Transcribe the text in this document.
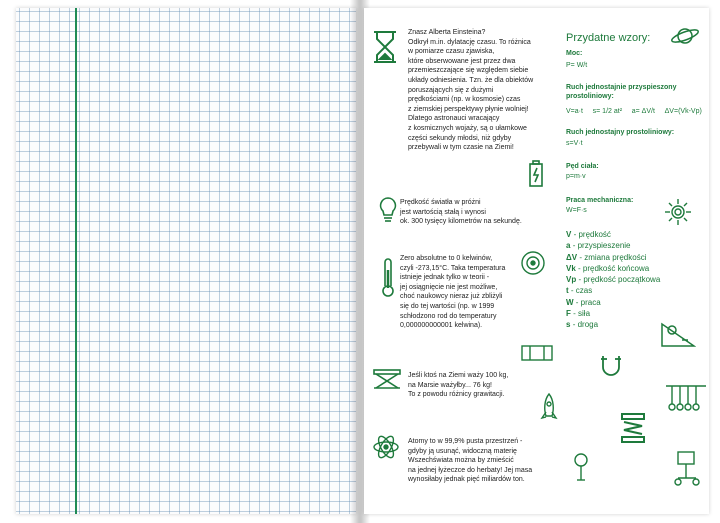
Znasz Alberta Einsteina?
Odkrył m.in. dylatację czasu. To różnica
w pomiarze czasu zjawiska,
które obserwowane jest przez dwa
przemieszczające się względem siebie
układy odniesienia. Tzn. że dla obiektów
poruszających się z dużymi
prędkościami (np. w kosmosie) czas
z ziemskiej perspektywy płynie wolniej!
Dlatego astronauci wracający
z kosmicznych wojaży, są o ułamkowe
części sekundy młodsi, niż gdyby
przebywali w tym czasie na Ziemi!
Prędkość światła w próżni
jest wartością stałą i wynosi
ok. 300 tysięcy kilometrów na sekundę.
Zero absolutne to 0 kelwinów,
czyli -273,15°C. Taka temperatura
istnieje jednak tylko w teorii -
jej osiągnięcie nie jest możliwe,
choć naukowcy nieraz już zbliżyli
się do tej wartości (np. w 1999
schłodzono rod do temperatury
0,000000000001 kelwina).
Jeśli ktoś na Ziemi waży 100 kg,
na Marsie ważyłby... 76 kg!
To z powodu różnicy grawitacji.
Atomy to w 99,9% pusta przestrzeń -
gdyby ją usunąć, widoczną materię
Wszechświata można by zmieścić
na jednej łyżeczce do herbaty! Jej masa
wynosiłaby jednak pięć miliardów ton.
Przydatne wzory:
Moc:
P= W/t
Ruch jednostajnie przyspieszony
prostoliniowy:
V=a·t     s= 1/2 at²     a= ΔV/t     ΔV=(Vk-Vp)
Ruch jednostajny prostoliniowy:
s=V·t
Pęd ciała:
p=m·v
Praca mechaniczna:
W=F·s
V - prędkość
a - przyspieszenie
ΔV - zmiana prędkości
Vk - prędkość końcowa
Vp - prędkość początkowa
t - czas
W - praca
F - siła
s - droga
